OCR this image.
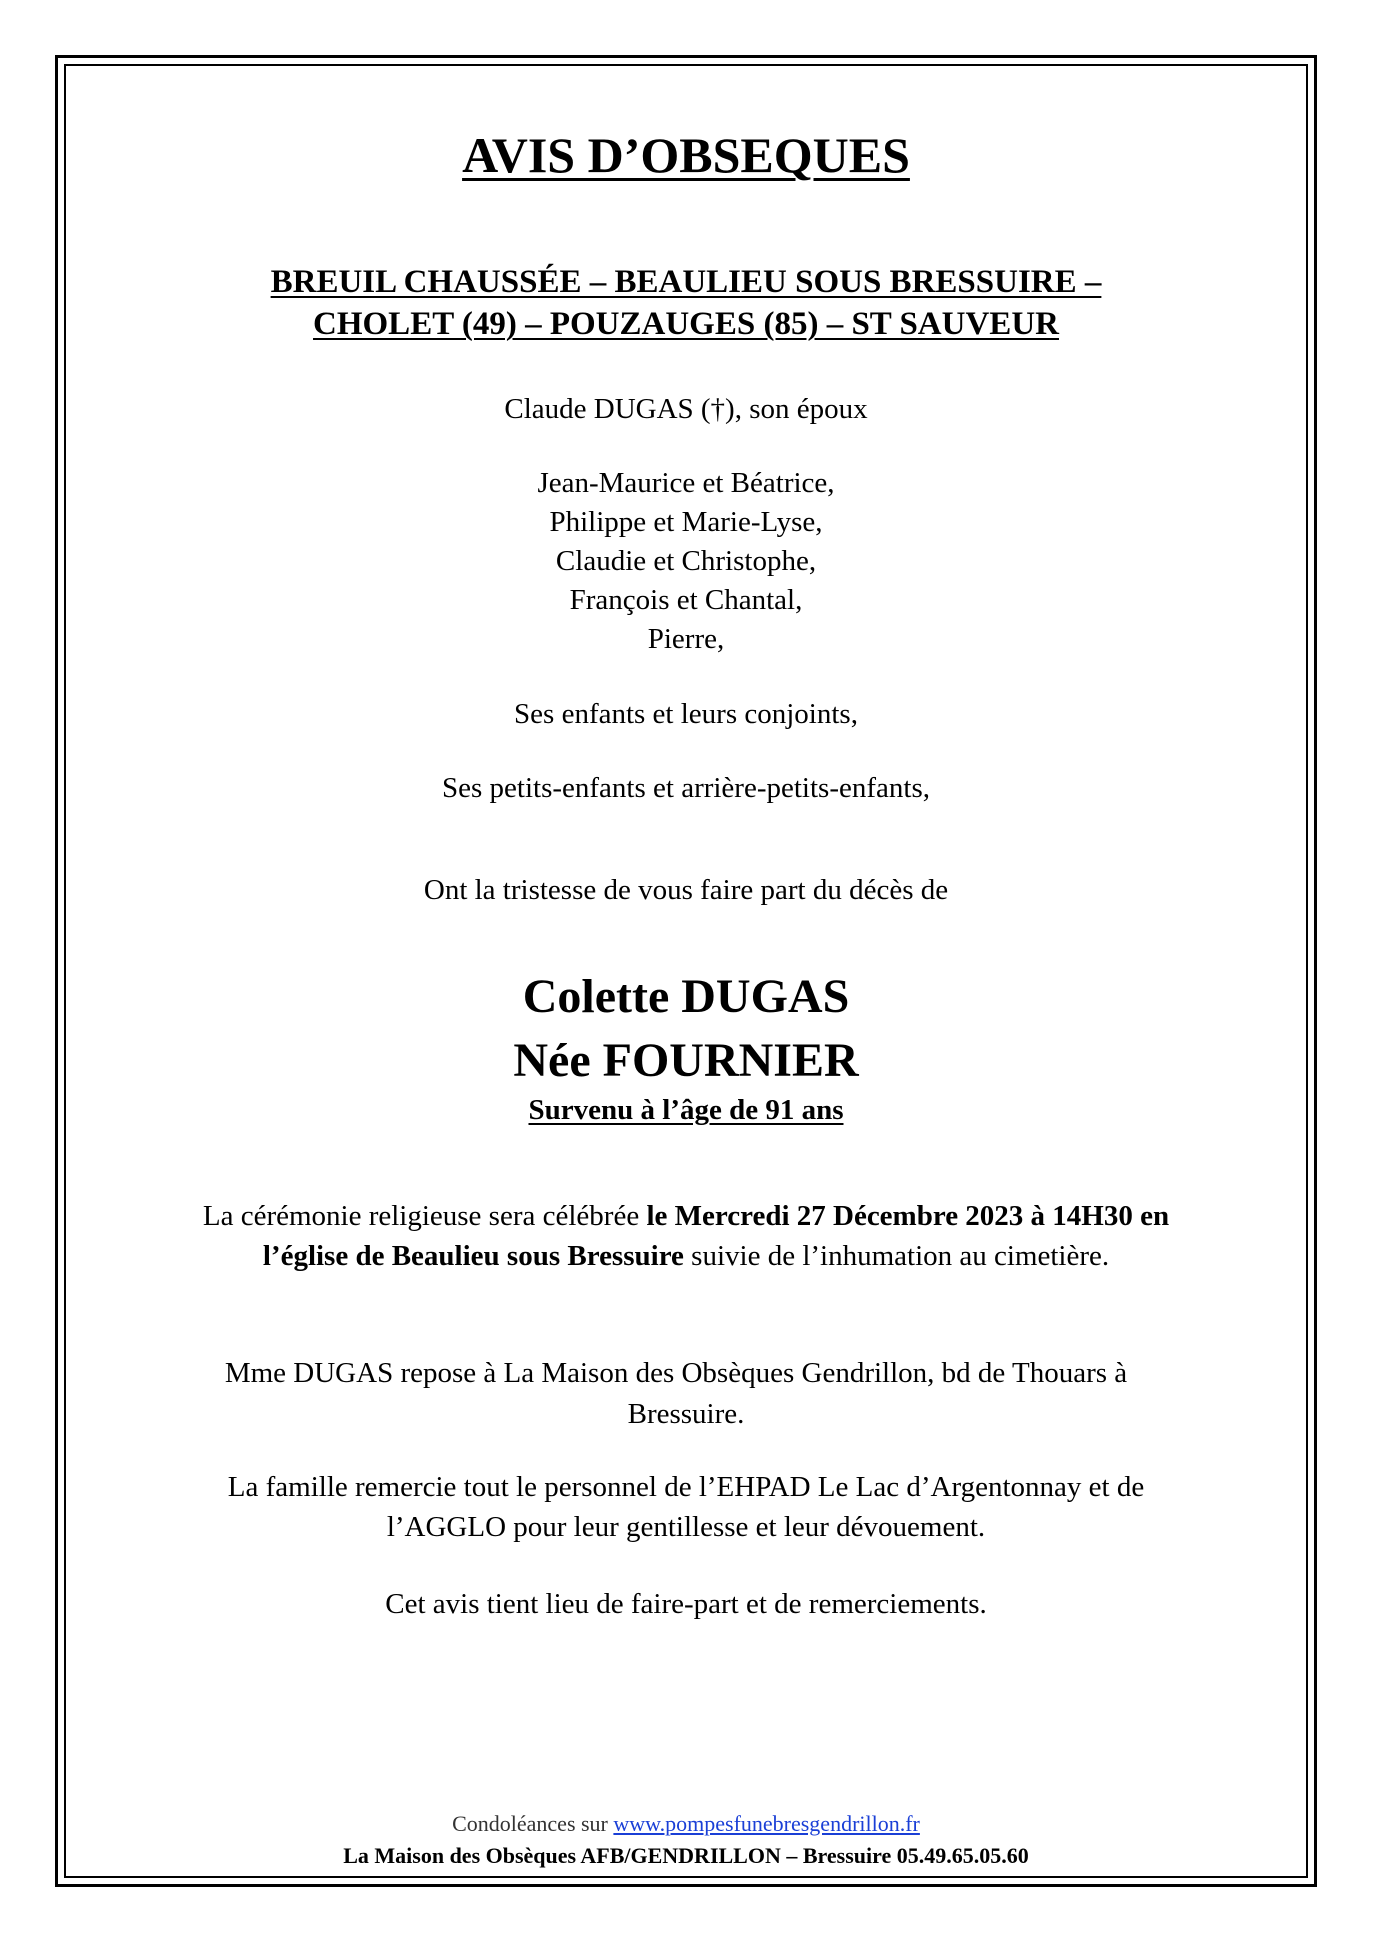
AVIS D’OBSEQUES
BREUIL CHAUSSÉE – BEAULIEU SOUS BRESSUIRE –
CHOLET (49) – POUZAUGES (85) – ST SAUVEUR
Claude DUGAS (†), son époux
Jean-Maurice et Béatrice,
Philippe et Marie-Lyse,
Claudie et Christophe,
François et Chantal,
Pierre,
Ses enfants et leurs conjoints,
Ses petits-enfants et arrière-petits-enfants,
Ont la tristesse de vous faire part du décès de
Colette DUGAS
Née FOURNIER
Survenu à l’âge de 91 ans
La cérémonie religieuse sera célébrée le Mercredi 27 Décembre 2023 à 14H30 en
l’église de Beaulieu sous Bressuire suivie de l’inhumation au cimetière.
Mme DUGAS repose à La Maison des Obsèques Gendrillon, bd de Thouars à
Bressuire.
La famille remercie tout le personnel de l’EHPAD Le Lac d’Argentonnay et de
l’AGGLO pour leur gentillesse et leur dévouement.
Cet avis tient lieu de faire-part et de remerciements.
Condoléances sur www.pompesfunebresgendrillon.fr
La Maison des Obsèques AFB/GENDRILLON – Bressuire 05.49.65.05.60
